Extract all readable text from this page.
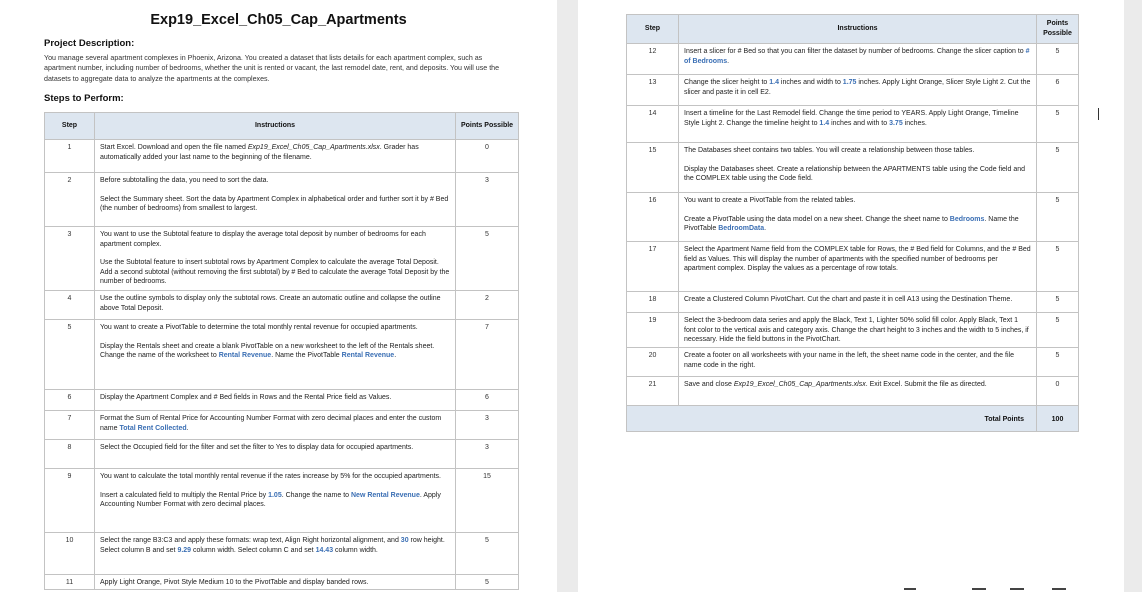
Exp19_Excel_Ch05_Cap_Apartments
Project Description:

You manage several apartment complexes in Phoenix, Arizona. You created a dataset that lists details for each apartment complex, such as apartment number, including number of bedrooms, whether the unit is rented or vacant, the last remodel date, rent, and deposits. You will use the datasets to aggregate data to analyze the apartments at the complexes.

Steps to Perform:
Step	Instructions	Points Possible
1	Start Excel. Download and open the file named Exp19_Excel_Ch05_Cap_Apartments.xlsx. Grader has automatically added your last name to the beginning of the filename.	0
2	Before subtotalling the data, you need to sort the data.
Select the Summary sheet. Sort the data by Apartment Complex in alphabetical order and further sort it by # Bed (the number of bedrooms) from smallest to largest.	3
3	You want to use the Subtotal feature to display the average total deposit by number of bedrooms for each apartment complex.
Use the Subtotal feature to insert subtotal rows by Apartment Complex to calculate the average Total Deposit. Add a second subtotal (without removing the first subtotal) by # Bed to calculate the average Total Deposit by the number of bedrooms.	5
4	Use the outline symbols to display only the subtotal rows. Create an automatic outline and collapse the outline above Total Deposit.	2
5	You want to create a PivotTable to determine the total monthly rental revenue for occupied apartments.
Display the Rentals sheet and create a blank PivotTable on a new worksheet to the left of the Rentals sheet. Change the name of the worksheet to Rental Revenue. Name the PivotTable Rental Revenue.	7
6	Display the Apartment Complex and # Bed fields in Rows and the Rental Price field as Values.	6
7	Format the Sum of Rental Price for Accounting Number Format with zero decimal places and enter the custom name Total Rent Collected.	3
8	Select the Occupied field for the filter and set the filter to Yes to display data for occupied apartments.	3
9	You want to calculate the total monthly rental revenue if the rates increase by 5% for the occupied apartments.
Insert a calculated field to multiply the Rental Price by 1.05. Change the name to New Rental Revenue. Apply Accounting Number Format with zero decimal places.	15
10	Select the range B3:C3 and apply these formats: wrap text, Align Right horizontal alignment, and 30 row height. Select column B and set 9.29 column width. Select column C and set 14.43 column width.	5
11	Apply Light Orange, Pivot Style Medium 10 to the PivotTable and display banded rows.	5
Step	Instructions	Points Possible
12	Insert a slicer for # Bed so that you can filter the dataset by number of bedrooms. Change the slicer caption to # of Bedrooms.	5
13	Change the slicer height to 1.4 inches and width to 1.75 inches. Apply Light Orange, Slicer Style Light 2. Cut the slicer and paste it in cell E2.	6
14	Insert a timeline for the Last Remodel field. Change the time period to YEARS. Apply Light Orange, Timeline Style Light 2. Change the timeline height to 1.4 inches and with to 3.75 inches.	5
15	The Databases sheet contains two tables. You will create a relationship between those tables.
Display the Databases sheet. Create a relationship between the APARTMENTS table using the Code field and the COMPLEX table using the Code field.	5
16	You want to create a PivotTable from the related tables.
Create a PivotTable using the data model on a new sheet. Change the sheet name to Bedrooms. Name the PivotTable BedroomData.	5
17	Select the Apartment Name field from the COMPLEX table for Rows, the # Bed field for Columns, and the # Bed field as Values. This will display the number of apartments with the specified number of bedrooms per apartment complex. Display the values as a percentage of row totals.	5
18	Create a Clustered Column PivotChart. Cut the chart and paste it in cell A13 using the Destination Theme.	5
19	Select the 3-bedroom data series and apply the Black, Text 1, Lighter 50% solid fill color. Apply Black, Text 1 font color to the vertical axis and category axis. Change the chart height to 3 inches and the width to 5 inches, if necessary. Hide the field buttons in the PivotChart.	5
20	Create a footer on all worksheets with your name in the left, the sheet name code in the center, and the file name code in the right.	5
21	Save and close Exp19_Excel_Ch05_Cap_Apartments.xlsx. Exit Excel. Submit the file as directed.	0
Total Points		100
